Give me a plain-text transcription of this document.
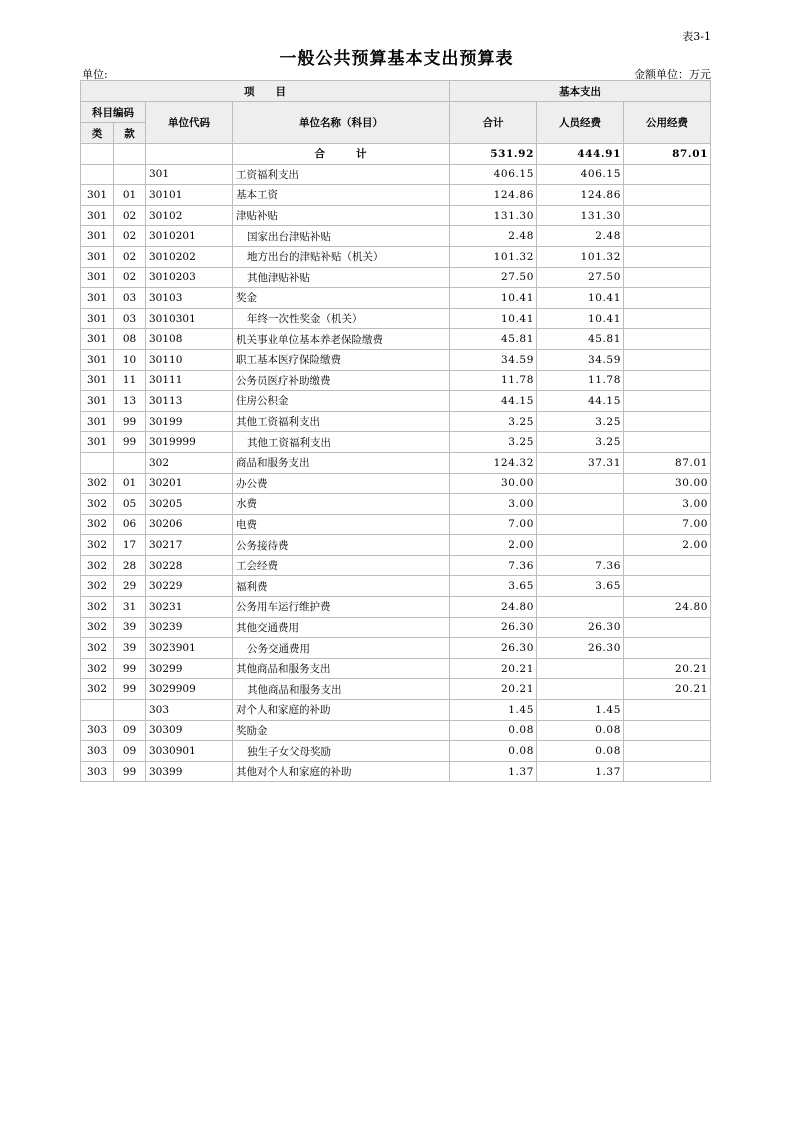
表3-1
一般公共预算基本支出预算表
单位:	金额单位：万元
项　　目				基本支出		
科目编码		单位代码	单位名称（科目）	合计	人员经费	公用经费
类	款					
			合 计	531.92	444.91	87.01
		301	工资福利支出	406.15	406.15	
301	01	30101	基本工资	124.86	124.86	
301	02	30102	津贴补贴	131.30	131.30	
301	02	3010201	国家出台津贴补贴	2.48	2.48	
301	02	3010202	地方出台的津贴补贴（机关）	101.32	101.32	
301	02	3010203	其他津贴补贴	27.50	27.50	
301	03	30103	奖金	10.41	10.41	
301	03	3010301	年终一次性奖金（机关）	10.41	10.41	
301	08	30108	机关事业单位基本养老保险缴费	45.81	45.81	
301	10	30110	职工基本医疗保险缴费	34.59	34.59	
301	11	30111	公务员医疗补助缴费	11.78	11.78	
301	13	30113	住房公积金	44.15	44.15	
301	99	30199	其他工资福利支出	3.25	3.25	
301	99	3019999	其他工资福利支出	3.25	3.25	
		302	商品和服务支出	124.32	37.31	87.01
302	01	30201	办公费	30.00		30.00
302	05	30205	水费	3.00		3.00
302	06	30206	电费	7.00		7.00
302	17	30217	公务接待费	2.00		2.00
302	28	30228	工会经费	7.36	7.36	
302	29	30229	福利费	3.65	3.65	
302	31	30231	公务用车运行维护费	24.80		24.80
302	39	30239	其他交通费用	26.30	26.30	
302	39	3023901	公务交通费用	26.30	26.30	
302	99	30299	其他商品和服务支出	20.21		20.21
302	99	3029909	其他商品和服务支出	20.21		20.21
		303	对个人和家庭的补助	1.45	1.45	
303	09	30309	奖励金	0.08	0.08	
303	09	3030901	独生子女父母奖励	0.08	0.08	
303	99	30399	其他对个人和家庭的补助	1.37	1.37	
